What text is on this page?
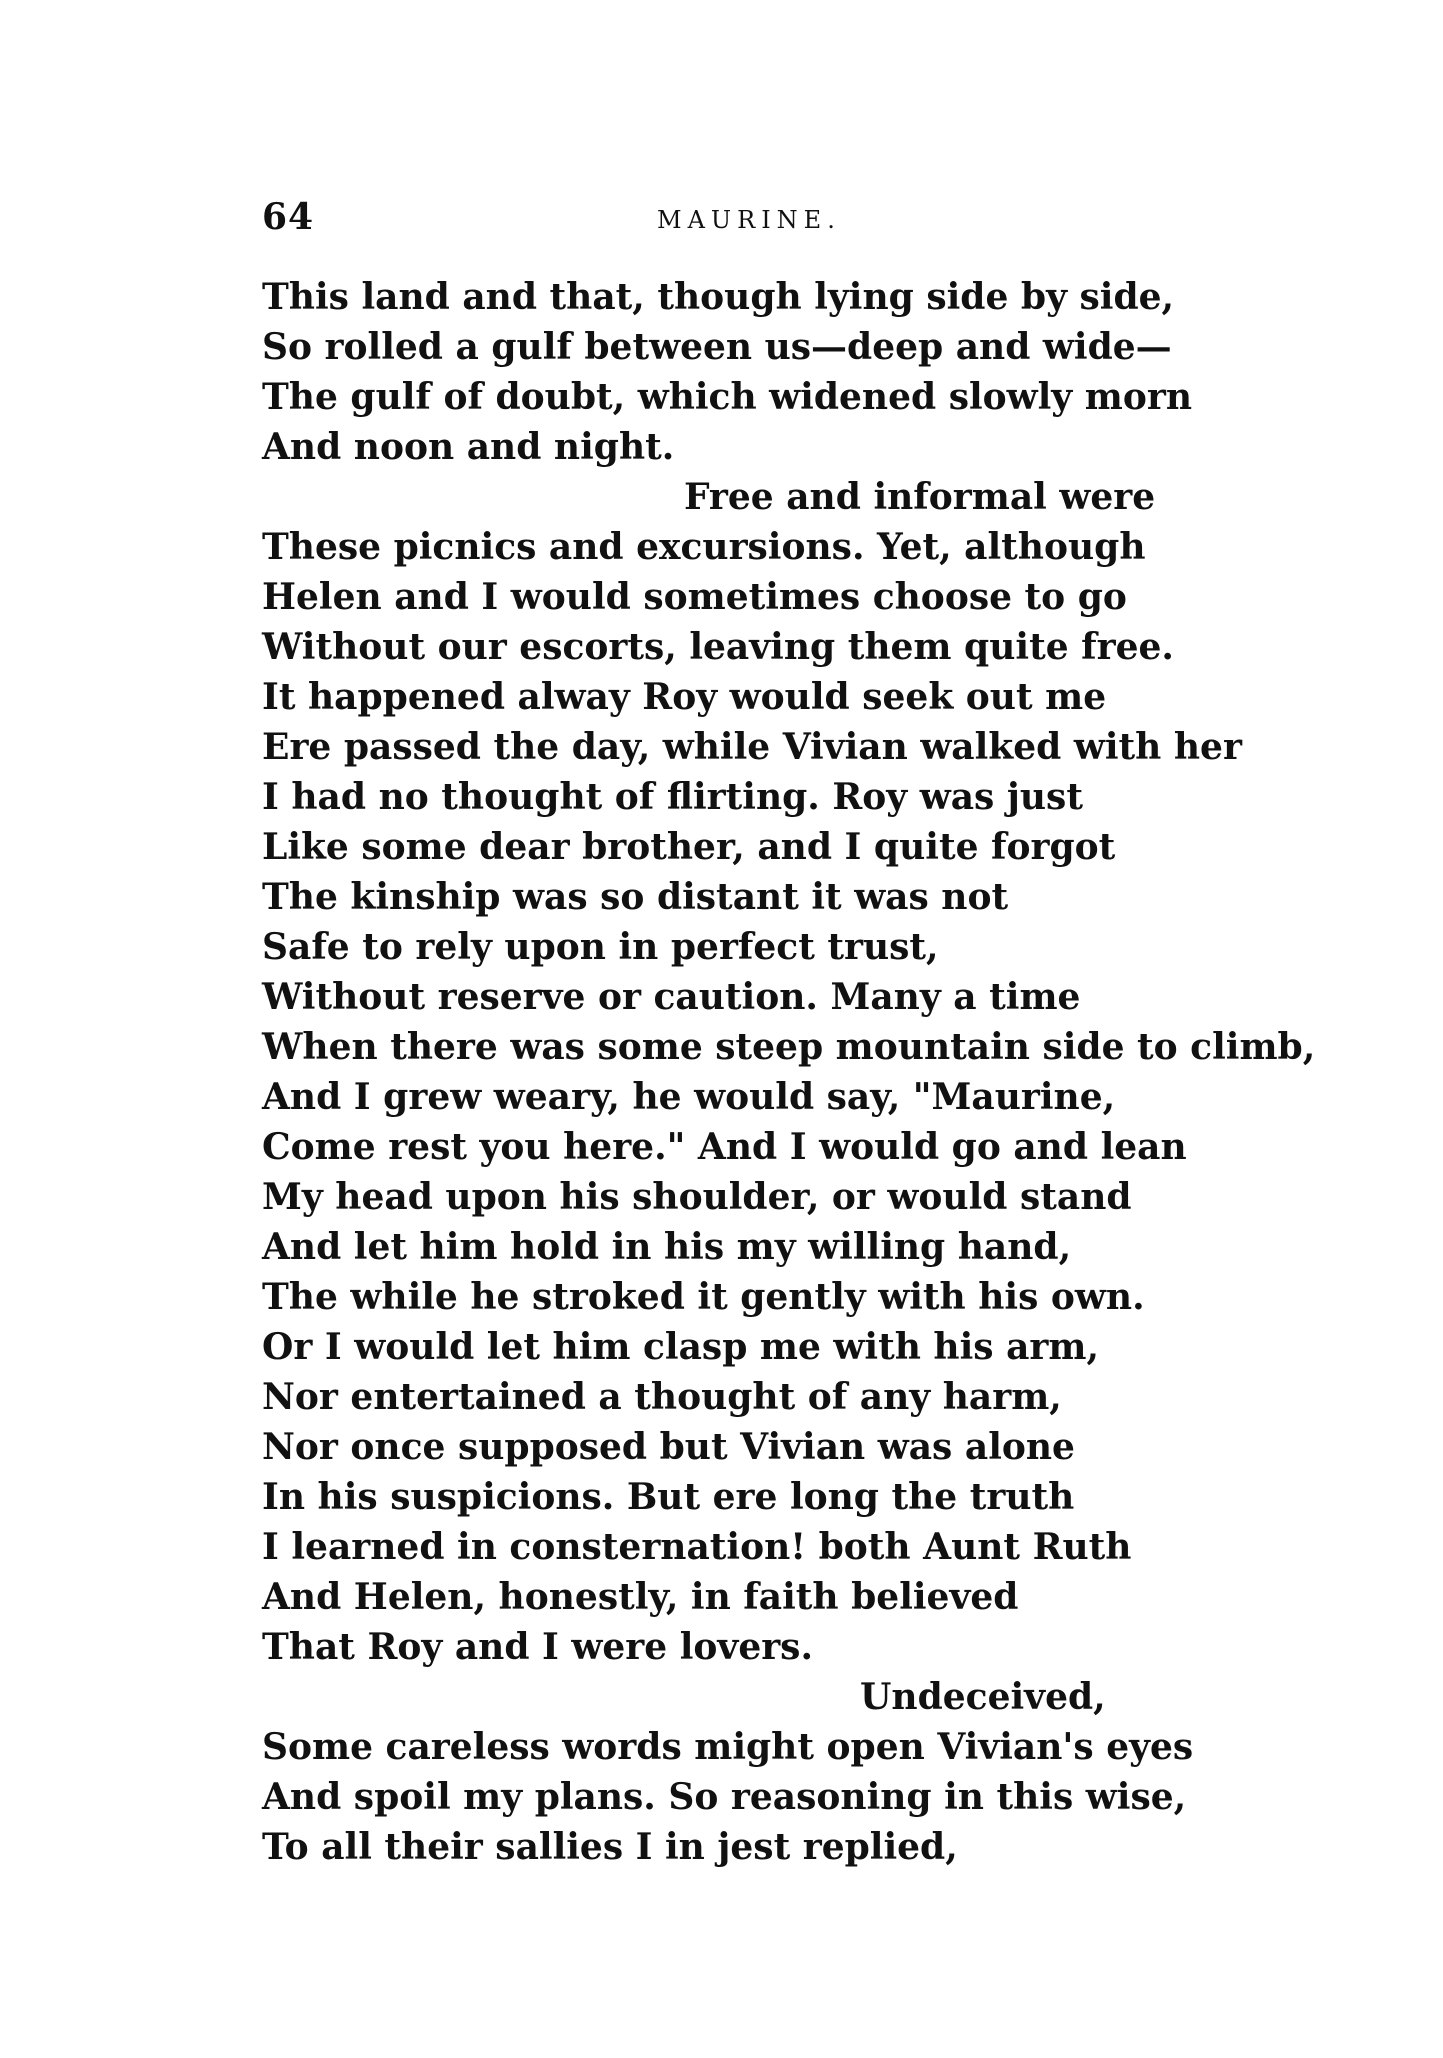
64	MAURINE.
This land and that, though lying side by side,
So rolled a gulf between us—deep and wide—
The gulf of doubt, which widened slowly morn
And noon and night.
Free and informal were
These picnics and excursions. Yet, although
Helen and I would sometimes choose to go
Without our escorts, leaving them quite free.
It happened alway Roy would seek out me
Ere passed the day, while Vivian walked with her
I had no thought of flirting. Roy was just
Like some dear brother, and I quite forgot
The kinship was so distant it was not
Safe to rely upon in perfect trust,
Without reserve or caution. Many a time
When there was some steep mountain side to climb,
And I grew weary, he would say, "Maurine,
Come rest you here." And I would go and lean
My head upon his shoulder, or would stand
And let him hold in his my willing hand,
The while he stroked it gently with his own.
Or I would let him clasp me with his arm,
Nor entertained a thought of any harm,
Nor once supposed but Vivian was alone
In his suspicions. But ere long the truth
I learned in consternation! both Aunt Ruth
And Helen, honestly, in faith believed
That Roy and I were lovers.
Undeceived,
Some careless words might open Vivian's eyes
And spoil my plans. So reasoning in this wise,
To all their sallies I in jest replied,
